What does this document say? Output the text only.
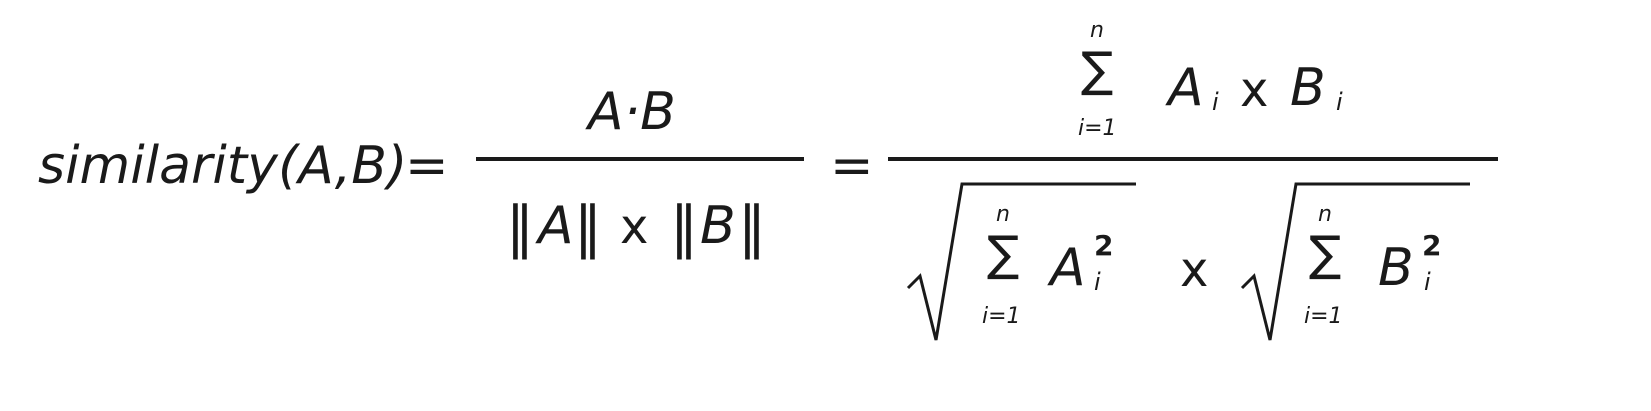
similarity(A,B)
=
A·B
‖ A ‖ x ‖ B ‖
=
n
∑
i=1
A i x B i
n
∑
i=1
A 2
i x
n
∑
i=1
B 2
i
